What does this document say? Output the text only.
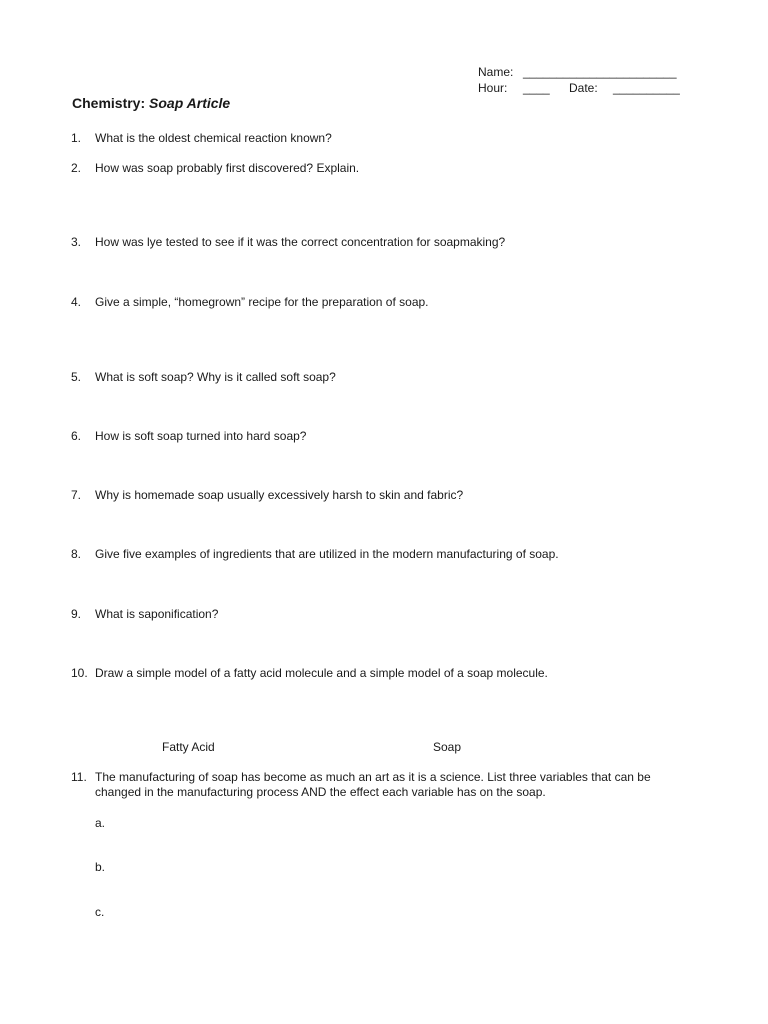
Name: _______________________
Hour: ____ Date: __________
Chemistry: Soap Article
1. What is the oldest chemical reaction known?
2. How was soap probably first discovered? Explain.
3. How was lye tested to see if it was the correct concentration for soapmaking?
4. Give a simple, “homegrown” recipe for the preparation of soap.
5. What is soft soap? Why is it called soft soap?
6. How is soft soap turned into hard soap?
7. Why is homemade soap usually excessively harsh to skin and fabric?
8. Give five examples of ingredients that are utilized in the modern manufacturing of soap.
9. What is saponification?
10. Draw a simple model of a fatty acid molecule and a simple model of a soap molecule.
Fatty Acid	Soap
11. The manufacturing of soap has become as much an art as it is a science. List three variables that can be changed in the manufacturing process AND the effect each variable has on the soap.
a.
b.
c.
